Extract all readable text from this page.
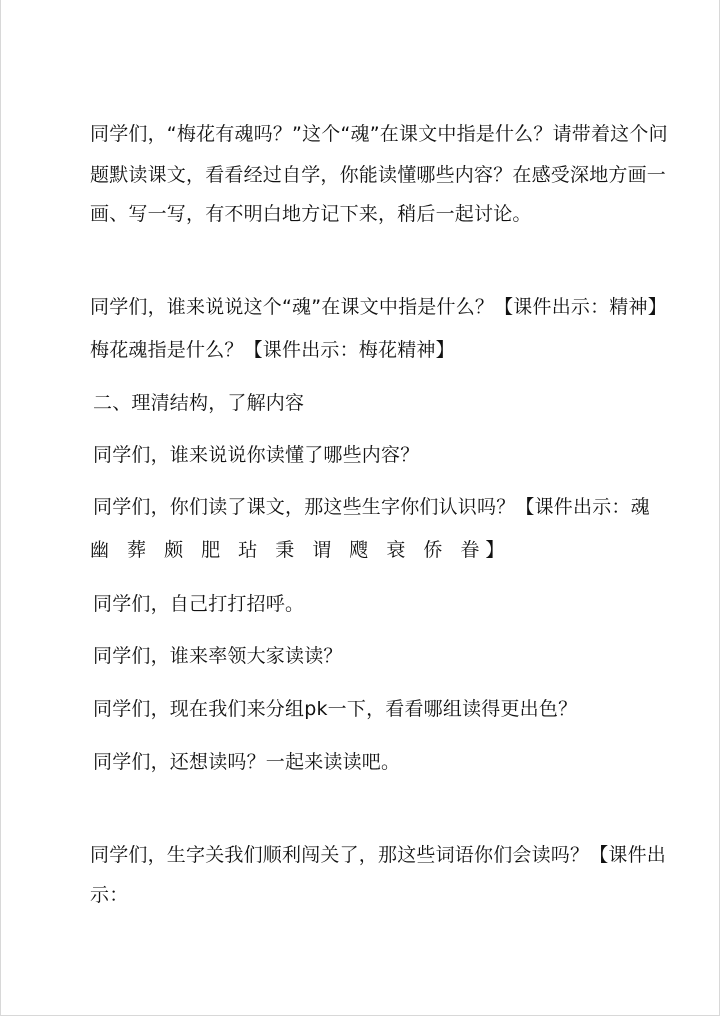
同学们，“梅花有魂吗？”这个“魂”在课文中指是什么？请带着这个问
题默读课文，看看经过自学，你能读懂哪些内容？在感受深地方画一
画、写一写，有不明白地方记下来，稍后一起讨论。
同学们，谁来说说这个“魂”在课文中指是什么？【课件出示：精神】
梅花魂指是什么？【课件出示：梅花精神】
二、理清结构，了解内容
同学们，谁来说说你读懂了哪些内容？
同学们，你们读了课文，那这些生字你们认识吗？【课件出示：魂
幽 葬 颇 肥 玷 秉 谓 飕 衰 侨 眷】
同学们，自己打打招呼。
同学们，谁来率领大家读读？
同学们，现在我们来分组pk一下，看看哪组读得更出色？
同学们，还想读吗？一起来读读吧。
同学们，生字关我们顺利闯关了，那这些词语你们会读吗？【课件出
示：
